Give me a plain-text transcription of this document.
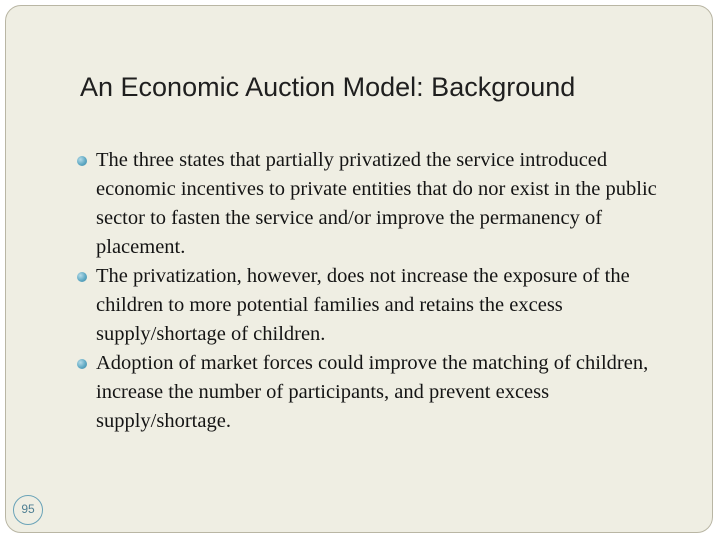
An Economic Auction Model: Background
The three states that partially privatized the service introduced economic incentives to private entities that do nor exist in the public sector to fasten the service and/or improve the permanency of placement.
The privatization, however, does not increase the exposure of the children to more potential families and retains the excess supply/shortage of children.
Adoption of market forces could improve the matching of children, increase the number of participants, and prevent excess supply/shortage.
95
